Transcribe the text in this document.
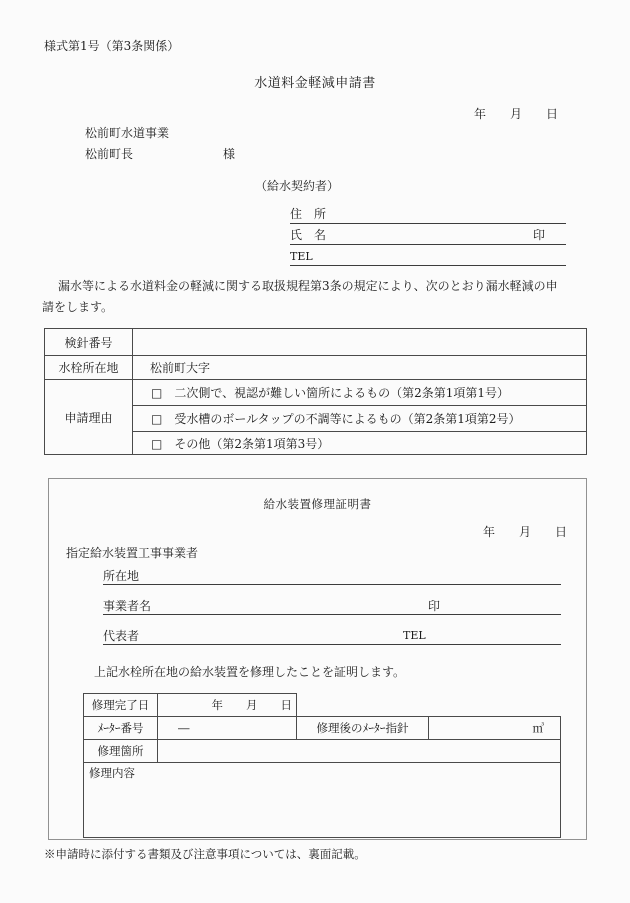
様式第1号（第3条関係）
水道料金軽減申請書
年　　月　　日
松前町水道事業
松前町長	様
（給水契約者）
住　所
氏　名	印
TEL
漏水等による水道料金の軽減に関する取扱規程第3条の規定により、次のとおり漏水軽減の申
請をします。
検針番号	
水栓所在地	松前町大字
申請理由	□ 二次側で、視認が難しい箇所によるもの（第2条第1項第1号）
	□ 受水槽のボールタップの不調等によるもの（第2条第1項第2号）
	□ その他（第2条第1項第3号）
給水装置修理証明書
年　　月　　日
指定給水装置工事事業者
所在地
事業者名	印
代表者	TEL
上記水栓所在地の給水装置を修理したことを証明します。
修理完了日	年　　月　　日
ﾒｰﾀｰ番号	―	修理後のﾒｰﾀｰ指針	㎥
修理箇所			
修理内容			
※申請時に添付する書類及び注意事項については、裏面記載。
